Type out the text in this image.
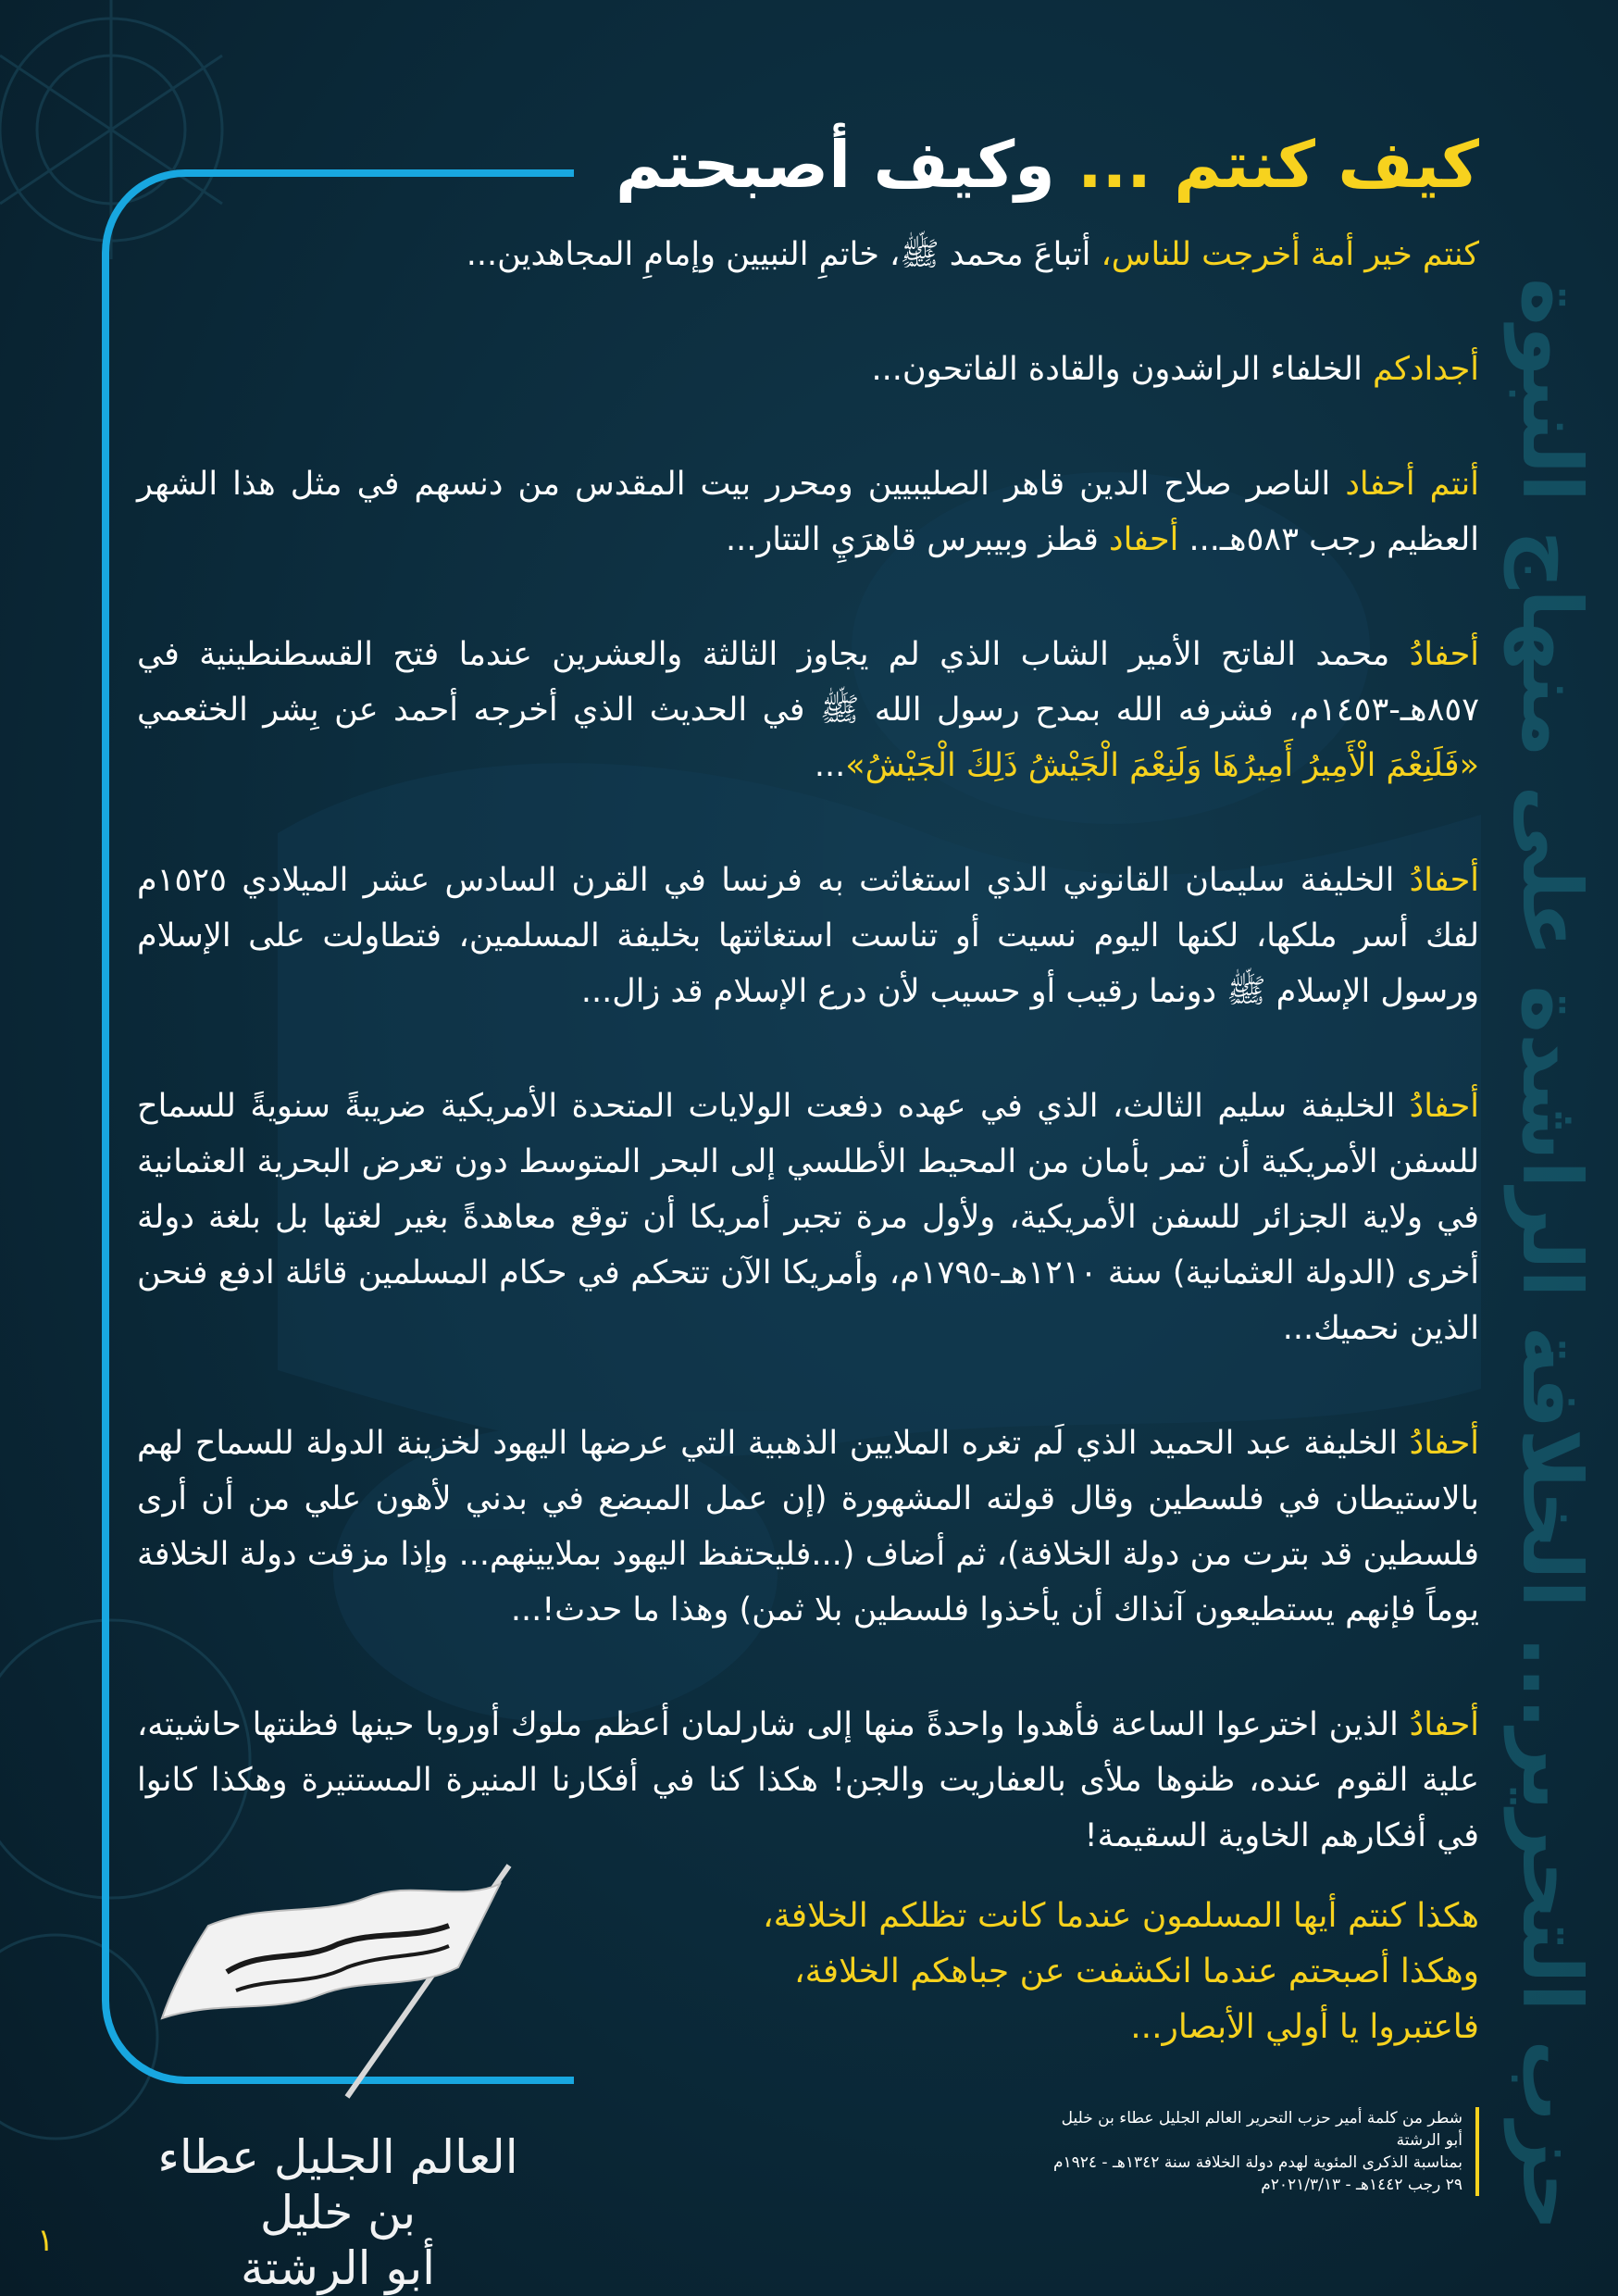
حزب التحرير... الخلافة الراشدة على منهاج النبوة
كيف كنتم ... وكيف أصبحتم

كنتم خير أمة أخرجت للناس، أتباعَ محمد ﷺ، خاتمِ النبيين وإمامِ المجاهدين...

أجدادكم الخلفاء الراشدون والقادة الفاتحون...

أنتم أحفاد الناصر صلاح الدين قاهر الصليبيين ومحرر بيت المقدس من دنسهم في مثل هذا الشهر العظيم رجب ٥٨٣هـ... أحفاد قطز وبيبرس قاهرَيِ التتار...

أحفادُ محمد الفاتح الأمير الشاب الذي لم يجاوز الثالثة والعشرين عندما فتح القسطنطينية في ٨٥٧هـ-١٤٥٣م، فشرفه الله بمدح رسول الله ﷺ في الحديث الذي أخرجه أحمد عن بِشر الخثعمي «فَلَنِعْمَ الْأَمِيرُ أَمِيرُهَا وَلَنِعْمَ الْجَيْشُ ذَلِكَ الْجَيْشُ»...

أحفادُ الخليفة سليمان القانوني الذي استغاثت به فرنسا في القرن السادس عشر الميلادي ١٥٢٥م لفك أسر ملكها، لكنها اليوم نسيت أو تناست استغاثتها بخليفة المسلمين، فتطاولت على الإسلام ورسول الإسلام ﷺ دونما رقيب أو حسيب لأن درع الإسلام قد زال...

أحفادُ الخليفة سليم الثالث، الذي في عهده دفعت الولايات المتحدة الأمريكية ضريبةً سنويةً للسماح للسفن الأمريكية أن تمر بأمان من المحيط الأطلسي إلى البحر المتوسط دون تعرض البحرية العثمانية في ولاية الجزائر للسفن الأمريكية، ولأول مرة تجبر أمريكا أن توقع معاهدةً بغير لغتها بل بلغة دولة أخرى (الدولة العثمانية) سنة ١٢١٠هـ-١٧٩٥م، وأمريكا الآن تتحكم في حكام المسلمين قائلة ادفع فنحن الذين نحميك...

أحفادُ الخليفة عبد الحميد الذي لَم تغره الملايين الذهبية التي عرضها اليهود لخزينة الدولة للسماح لهم بالاستيطان في فلسطين وقال قولته المشهورة (إن عمل المبضع في بدني لأهون علي من أن أرى فلسطين قد بترت من دولة الخلافة)، ثم أضاف (...فليحتفظ اليهود بملايينهم... وإذا مزقت دولة الخلافة يوماً فإنهم يستطيعون آنذاك أن يأخذوا فلسطين بلا ثمن) وهذا ما حدث!...

أحفادُ الذين اخترعوا الساعة فأهدوا واحدةً منها إلى شارلمان أعظم ملوك أوروبا حينها فظنتها حاشيته، علية القوم عنده، ظنوها ملأى بالعفاريت والجن! هكذا كنا في أفكارنا المنيرة المستنيرة وهكذا كانوا في أفكارهم الخاوية السقيمة!

هكذا كنتم أيها المسلمون عندما كانت تظلكم الخلافة،
وهكذا أصبحتم عندما انكشفت عن جباهكم الخلافة،
فاعتبروا يا أولي الأبصار...

العالم الجليل عطاء بن خليل
أبو الرشتة
شطر من كلمة أمير حزب التحرير العالم الجليل عطاء بن خليل أبو الرشتة
بمناسبة الذكرى المئوية لهدم دولة الخلافة سنة ١٣٤٢هـ - ١٩٢٤م
٢٩ رجب ١٤٤٢هـ - ٢٠٢١/٣/١٣م
١
